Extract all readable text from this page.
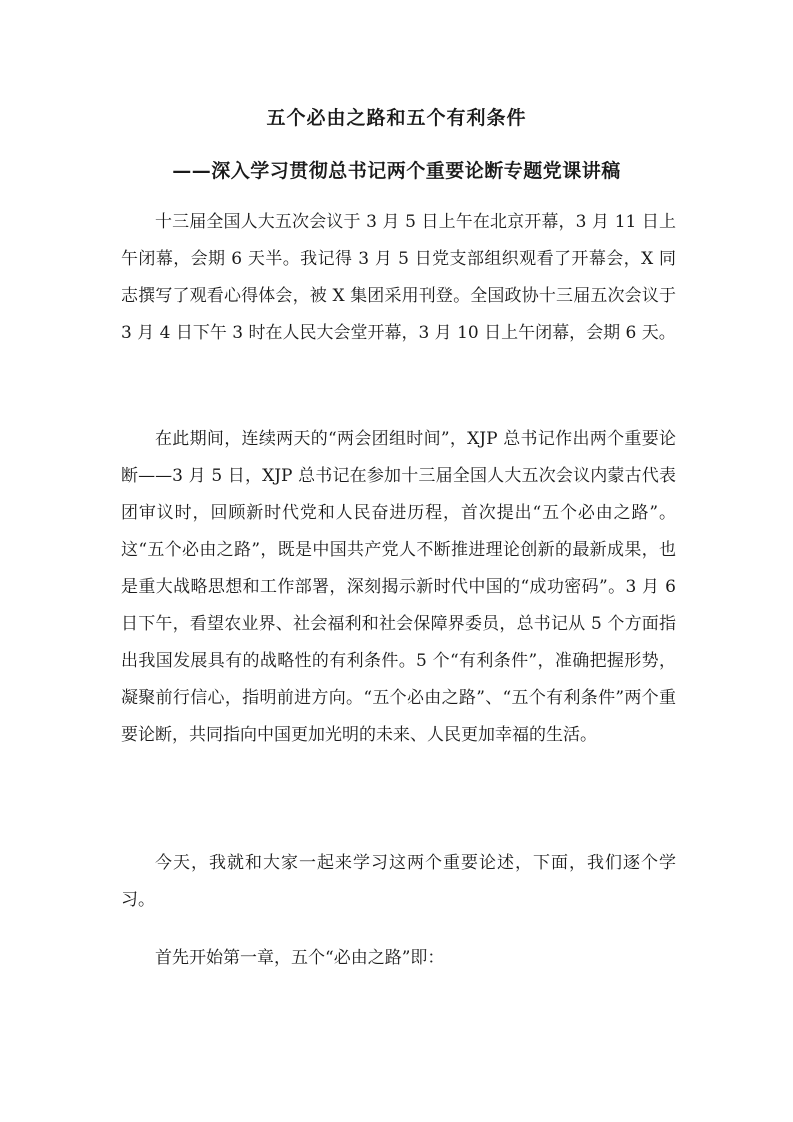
五个必由之路和五个有利条件
——深入学习贯彻总书记两个重要论断专题党课讲稿

十三届全国人大五次会议于 3 月 5 日上午在北京开幕，3 月 11 日上午闭幕，会期 6 天半。我记得 3 月 5 日党支部组织观看了开幕会，X 同志撰写了观看心得体会，被 X 集团采用刊登。全国政协十三届五次会议于 3 月 4 日下午 3 时在人民大会堂开幕，3 月 10 日上午闭幕，会期 6 天。

在此期间，连续两天的“两会团组时间”，XJP 总书记作出两个重要论断——3 月 5 日，XJP 总书记在参加十三届全国人大五次会议内蒙古代表团审议时，回顾新时代党和人民奋进历程，首次提出“五个必由之路”。这“五个必由之路”，既是中国共产党人不断推进理论创新的最新成果，也是重大战略思想和工作部署，深刻揭示新时代中国的“成功密码”。3 月 6 日下午，看望农业界、社会福利和社会保障界委员，总书记从 5 个方面指出我国发展具有的战略性的有利条件。5 个“有利条件”，准确把握形势，凝聚前行信心，指明前进方向。“五个必由之路”、“五个有利条件”两个重要论断，共同指向中国更加光明的未来、人民更加幸福的生活。

今天，我就和大家一起来学习这两个重要论述，下面，我们逐个学习。

首先开始第一章，五个“必由之路”即：
